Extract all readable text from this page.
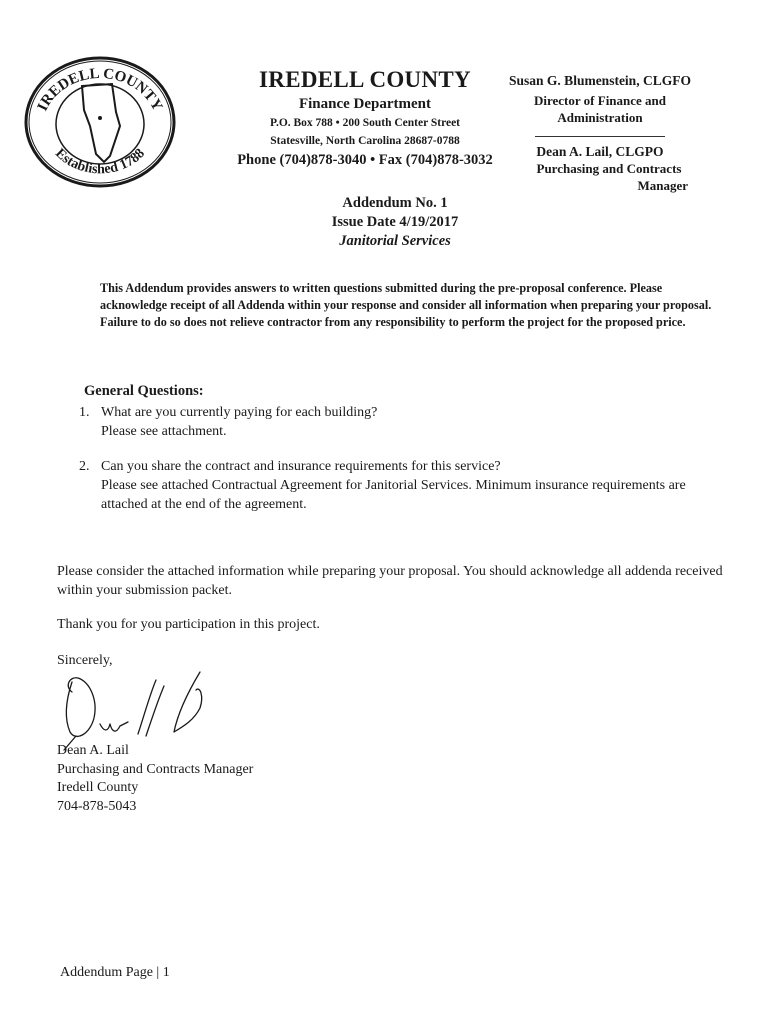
IREDELL COUNTY
Established 1788
IREDELL COUNTY
Finance Department
P.O. Box 788 • 200 South Center Street
Statesville, North Carolina 28687-0788
Phone (704)878-3040 • Fax (704)878-3032
Susan G. Blumenstein, CLGFO
Director of Finance and
Administration
Dean A. Lail, CLGPO
Purchasing and Contracts
Manager
Addendum No. 1
Issue Date 4/19/2017
Janitorial Services
This Addendum provides answers to written questions submitted during the pre-proposal conference. Please acknowledge receipt of all Addenda within your response and consider all information when preparing your proposal. Failure to do so does not relieve contractor from any responsibility to perform the project for the proposed price.
General Questions:
1. What are you currently paying for each building?
Please see attachment.
2. Can you share the contract and insurance requirements for this service?
Please see attached Contractual Agreement for Janitorial Services. Minimum insurance requirements are attached at the end of the agreement.
Please consider the attached information while preparing your proposal. You should acknowledge all addenda received within your submission packet.
Thank you for you participation in this project.
Sincerely,
Dean A. Lail
Purchasing and Contracts Manager
Iredell County
704-878-5043
Addendum Page | 1
